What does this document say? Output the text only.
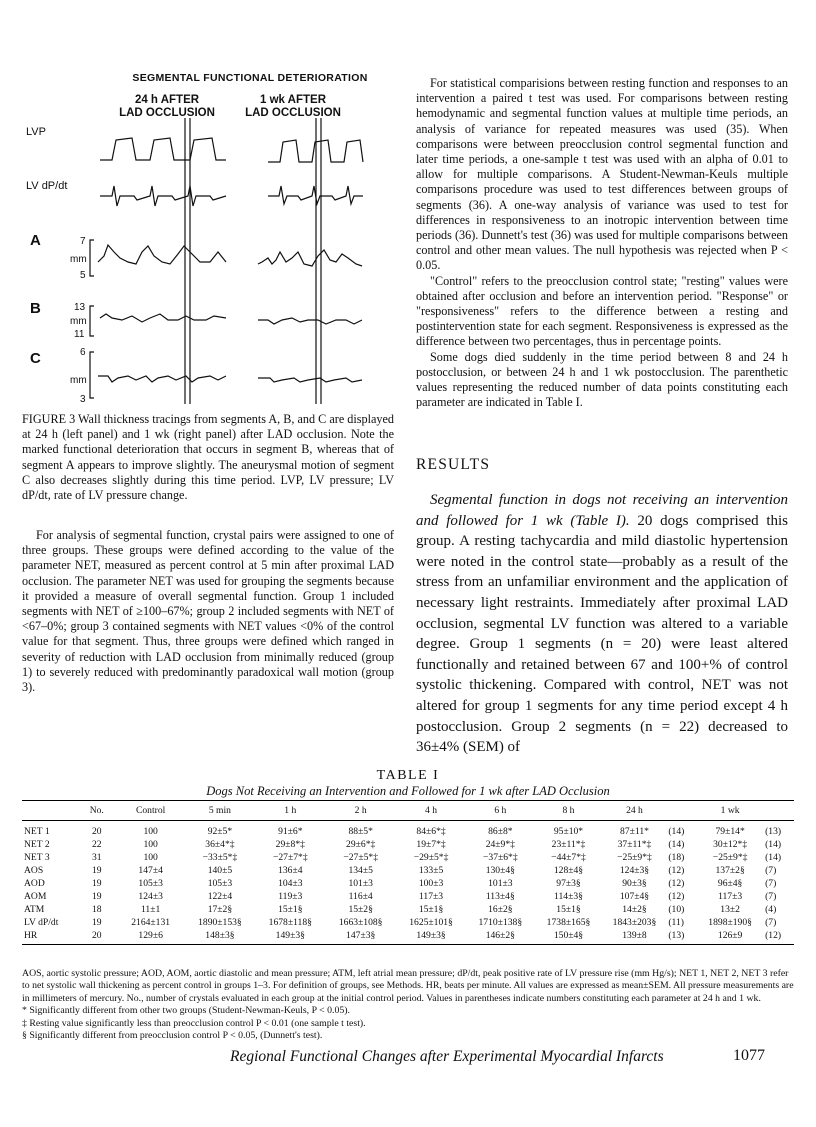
SEGMENTAL FUNCTIONAL DETERIORATION
24 h AFTER
LAD OCCLUSION
1 wk AFTER
LAD OCCLUSION
LVP
LV dP/dt
A
B
C
7
mm
5
13
mm
11
6
mm
3
FIGURE 3 Wall thickness tracings from segments A, B, and C are displayed at 24 h (left panel) and 1 wk (right panel) after LAD occlusion. Note the marked functional deterioration that occurs in segment B, whereas that of segment A appears to improve slightly. The aneurysmal motion of segment C also decreases slightly during this time period. LVP, LV pressure; LV dP/dt, rate of LV pressure change.
For analysis of segmental function, crystal pairs were assigned to one of three groups. These groups were defined according to the value of the parameter NET, measured as percent control at 5 min after proximal LAD occlusion. The parameter NET was used for grouping the segments because it provided a measure of overall segmental function. Group 1 included segments with NET of ≥100–67%; group 2 included segments with NET of <67–0%; group 3 contained segments with NET values <0% of the control value for that segment. Thus, three groups were defined which ranged in severity of reduction with LAD occlusion from minimally reduced (group 1) to severely reduced with predominantly paradoxical wall motion (group 3).

For statistical comparisions between resting function and responses to an intervention a paired t test was used. For comparisons between resting hemodynamic and segmental function values at multiple time periods, an analysis of variance for repeated measures was used (35). When comparisons were between preocclusion control segmental function and later time periods, a one-sample t test was used with an alpha of 0.01 to allow for multiple comparisons. A Student-Newman-Keuls multiple comparisons procedure was used to test differences between groups of segments (36). A one-way analysis of variance was used to test for differences in responsiveness to an inotropic intervention between time periods (36). Dunnett's test (36) was used for multiple comparisons between control and other mean values. The null hypothesis was rejected when P < 0.05.

"Control" refers to the preocclusion control state; "resting" values were obtained after occlusion and before an intervention period. "Response" or "responsiveness" refers to the difference between a resting and postintervention state for each segment. Responsiveness is expressed as the difference between two percentages, thus in percentage points.

Some dogs died suddenly in the time period between 8 and 24 h postocclusion, or between 24 h and 1 wk postocclusion. The parenthetic values representing the reduced number of data points constituting each parameter are indicated in Table I.

RESULTS
Segmental function in dogs not receiving an intervention and followed for 1 wk (Table I). 20 dogs comprised this group. A resting tachycardia and mild diastolic hypertension were noted in the control state—probably as a result of the stress from an unfamiliar environment and the application of necessary light restraints. Immediately after proximal LAD occlusion, segmental LV function was altered to a variable degree. Group 1 segments (n = 20) were least altered functionally and retained between 67 and 100+% of control systolic thickening. Compared with control, NET was not altered for group 1 segments for any time period except 4 h postocclusion. Group 2 segments (n = 22) decreased to 36±4% (SEM) of
TABLE I
Dogs Not Receiving an Intervention and Followed for 1 wk after LAD Occlusion
	No.	Control	5 min	1 h	2 h	4 h	6 h	8 h	24 h		1 wk	
NET 1	20	100	92±5*	91±6*	88±5*	84±6*‡	86±8*	95±10*	87±11*	(14)	79±14*	(13)
NET 2	22	100	36±4*‡	29±8*‡	29±6*‡	19±7*‡	24±9*‡	23±11*‡	37±11*‡	(14)	30±12*‡	(14)
NET 3	31	100	−33±5*‡	−27±7*‡	−27±5*‡	−29±5*‡	−37±6*‡	−44±7*‡	−25±9*‡	(18)	−25±9*‡	(14)
AOS	19	147±4	140±5	136±4	134±5	133±5	130±4§	128±4§	124±3§	(12)	137±2§	(7)
AOD	19	105±3	105±3	104±3	101±3	100±3	101±3	97±3§	90±3§	(12)	96±4§	(7)
AOM	19	124±3	122±4	119±3	116±4	117±3	113±4§	114±3§	107±4§	(12)	117±3	(7)
ATM	18	11±1	17±2§	15±1§	15±2§	15±1§	16±2§	15±1§	14±2§	(10)	13±2	(4)
LV dP/dt	19	2164±131	1890±153§	1678±118§	1663±108§	1625±101§	1710±138§	1738±165§	1843±203§	(11)	1898±190§	(7)
HR	20	129±6	148±3§	149±3§	147±3§	149±3§	146±2§	150±4§	139±8	(13)	126±9	(12)
AOS, aortic systolic pressure; AOD, AOM, aortic diastolic and mean pressure; ATM, left atrial mean pressure; dP/dt, peak positive rate of LV pressure rise (mm Hg/s); NET 1, NET 2, NET 3 refer to net systolic wall thickening as percent control in groups 1–3. For definition of groups, see Methods. HR, beats per minute. All values are expressed as mean±SEM. All pressure measurements are in millimeters of mercury. No., number of crystals evaluated in each group at the initial control period. Values in parentheses indicate numbers constituting each parameter at 24 h and 1 wk.
* Significantly different from other two groups (Student-Newman-Keuls, P < 0.05).
‡ Resting value significantly less than preocclusion control P < 0.01 (one sample t test).
§ Significantly different from preocclusion control P < 0.05, (Dunnett's test).
Regional Functional Changes after Experimental Myocardial Infarcts	1077
